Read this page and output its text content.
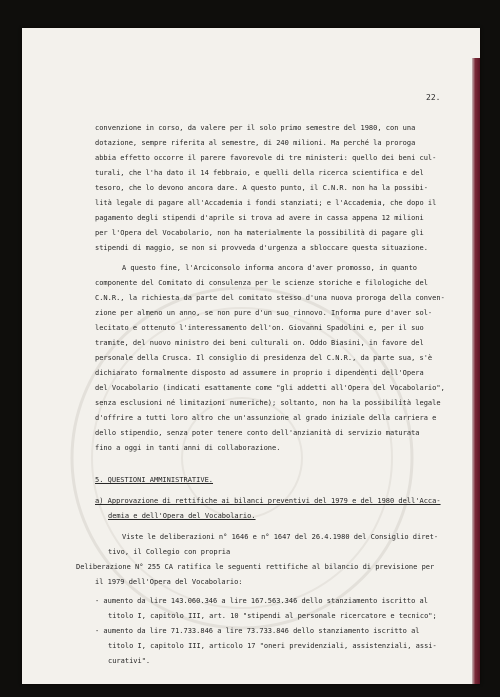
22.
convenzione in corso, da valere per il solo primo semestre del 1980, con una
dotazione, sempre riferita al semestre, di 240 milioni. Ma perché la proroga
abbia effetto occorre il parere favorevole di tre ministeri: quello dei beni cul-
turali, che l'ha dato il 14 febbraio, e quelli della ricerca scientifica e del
tesoro, che lo devono ancora dare. A questo punto, il C.N.R. non ha la possibi-
lità legale di pagare all'Accademia i fondi stanziati; e l'Accademia, che dopo il
pagamento degli stipendi d'aprile si trova ad avere in cassa appena 12 milioni
per l'Opera del Vocabolario, non ha materialmente la possibilità di pagare gli
stipendi di maggio, se non si provveda d'urgenza a sbloccare questa situazione.
A questo fine, l'Arciconsolo informa ancora d'aver promosso, in quanto
componente del Comitato di consulenza per le scienze storiche e filologiche del
C.N.R., la richiesta da parte del comitato stesso d'una nuova proroga della conven-
zione per almeno un anno, se non pure d'un suo rinnovo. Informa pure d'aver sol-
lecitato e ottenuto l'interessamento dell'on. Giovanni Spadolini e, per il suo
tramite, del nuovo ministro dei beni culturali on. Oddo Biasini, in favore del
personale della Crusca. Il consiglio di presidenza del C.N.R., da parte sua, s'è
dichiarato formalmente disposto ad assumere in proprio i dipendenti dell'Opera
del Vocabolario (indicati esattamente come "gli addetti all'Opera del Vocabolario",
senza esclusioni né limitazioni numeriche); soltanto, non ha la possibilità legale
d'offrire a tutti loro altro che un'assunzione al grado iniziale della carriera e
dello stipendio, senza poter tenere conto dell'anzianità di servizio maturata
fino a oggi in tanti anni di collaborazione.
5. QUESTIONI AMMINISTRATIVE.
a) Approvazione di rettifiche ai bilanci preventivi del 1979 e del 1980 dell'Acca-
demia e dell'Opera del Vocabolario.
Viste le deliberazioni n° 1646 e n° 1647 del 26.4.1980 del Consiglio diret-
tivo, il Collegio con propria
Deliberazione N° 255 CA ratifica le seguenti rettifiche al bilancio di previsione per
il 1979 dell'Opera del Vocabolario:
- aumento da lire 143.060.346 a lire 167.563.346 dello stanziamento iscritto al
titolo I, capitolo III, art. 10 "stipendi al personale ricercatore e tecnico";
- aumento da lire 71.733.846 a lire 73.733.846 dello stanziamento iscritto al
titolo I, capitolo III, articolo 17 "oneri previdenziali, assistenziali, assi-
curativi".
